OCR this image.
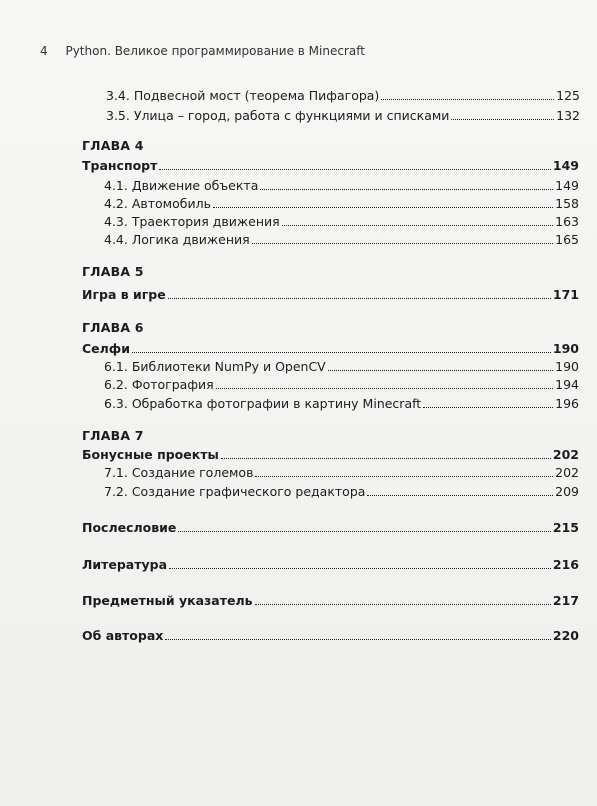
4 Python. Великое программирование в Minecraft
3.4. Подвесной мост (теорема Пифагора)	125
3.5. Улица – город, работа с функциями и списками	132
ГЛАВА 4
Транспорт	149
4.1. Движение объекта	149
4.2. Автомобиль	158
4.3. Траектория движения	163
4.4. Логика движения	165
ГЛАВА 5
Игра в игре	171
ГЛАВА 6
Селфи	190
6.1. Библиотеки NumPy и OpenCV	190
6.2. Фотография	194
6.3. Обработка фотографии в картину Minecraft	196
ГЛАВА 7
Бонусные проекты	202
7.1. Создание големов	202
7.2. Создание графического редактора	209
Послесловие	215
Литература	216
Предметный указатель	217
Об авторах	220
